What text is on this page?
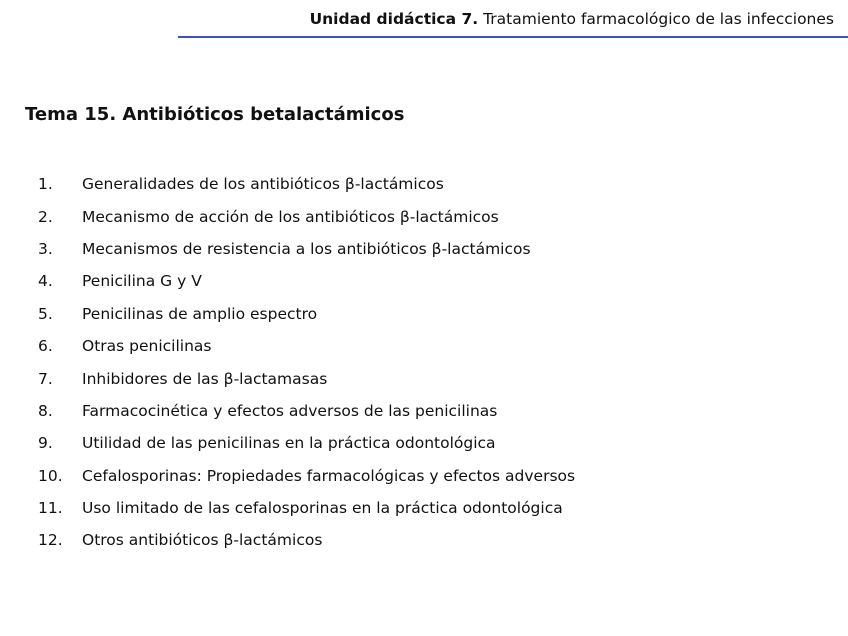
Unidad didáctica 7. Tratamiento farmacológico de las infecciones
Tema 15. Antibióticos betalactámicos
1.	Generalidades de los antibióticos β-lactámicos
2.	Mecanismo de acción de los antibióticos β-lactámicos
3.	Mecanismos de resistencia a los antibióticos β-lactámicos
4.	Penicilina G y V
5.	Penicilinas de amplio espectro
6.	Otras penicilinas
7.	Inhibidores de las β-lactamasas
8.	Farmacocinética y efectos adversos de las penicilinas
9.	Utilidad de las penicilinas en la práctica odontológica
10.	Cefalosporinas: Propiedades farmacológicas y efectos adversos
11.	Uso limitado de las cefalosporinas en la práctica odontológica
12.	Otros antibióticos β-lactámicos
